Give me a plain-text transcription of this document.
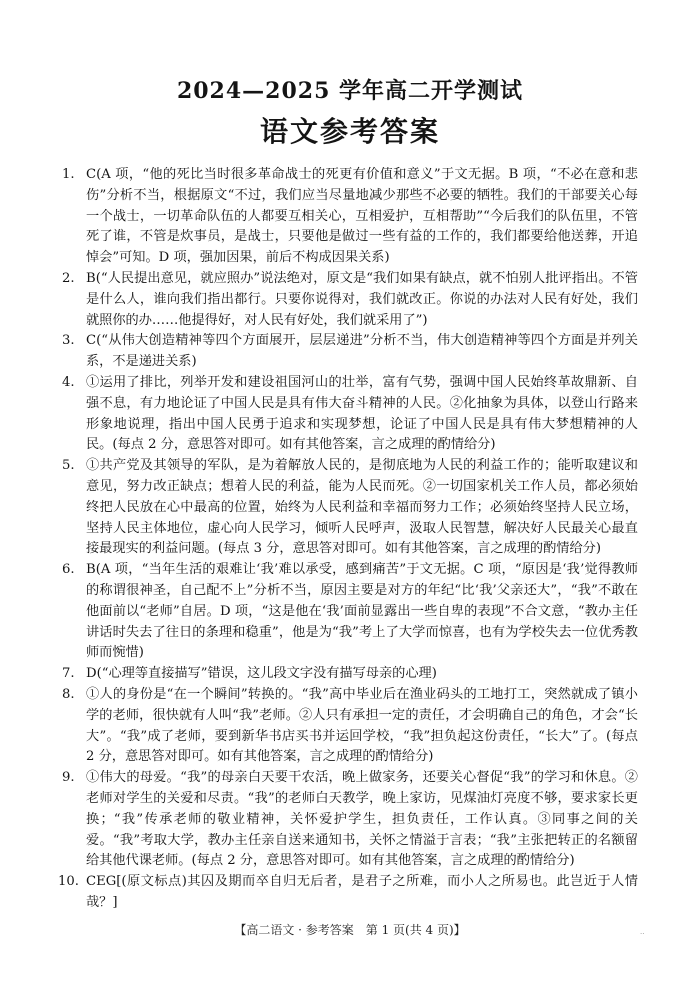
2024—2025 学年高二开学测试
语文参考答案

1. C(A 项，“他的死比当时很多革命战士的死更有价值和意义”于文无据。B 项，“不必在意和悲伤”分析不当，根据原文“不过，我们应当尽量地减少那些不必要的牺牲。我们的干部要关心每一个战士，一切革命队伍的人都要互相关心，互相爱护，互相帮助”“今后我们的队伍里，不管死了谁，不管是炊事员，是战士，只要他是做过一些有益的工作的，我们都要给他送葬，开追悼会”可知。D 项，强加因果，前后不构成因果关系)

2. B(“人民提出意见，就应照办”说法绝对，原文是“我们如果有缺点，就不怕别人批评指出。不管是什么人，谁向我们指出都行。只要你说得对，我们就改正。你说的办法对人民有好处，我们就照你的办……他提得好，对人民有好处，我们就采用了”)

3. C(“从伟大创造精神等四个方面展开，层层递进”分析不当，伟大创造精神等四个方面是并列关系，不是递进关系)

4. ①运用了排比，列举开发和建设祖国河山的壮举，富有气势，强调中国人民始终革故鼎新、自强不息，有力地论证了中国人民是具有伟大奋斗精神的人民。②化抽象为具体，以登山行路来形象地说理，指出中国人民勇于追求和实现梦想，论证了中国人民是具有伟大梦想精神的人民。(每点 2 分，意思答对即可。如有其他答案，言之成理的酌情给分)

5. ①共产党及其领导的军队，是为着解放人民的，是彻底地为人民的利益工作的；能听取建议和意见，努力改正缺点；想着人民的利益，能为人民而死。②一切国家机关工作人员，都必须始终把人民放在心中最高的位置，始终为人民利益和幸福而努力工作；必须始终坚持人民立场，坚持人民主体地位，虚心向人民学习，倾听人民呼声，汲取人民智慧，解决好人民最关心最直接最现实的利益问题。(每点 3 分，意思答对即可。如有其他答案，言之成理的酌情给分)

6. B(A 项，“当年生活的艰难让‘我’难以承受，感到痛苦”于文无据。C 项，“原因是‘我’觉得教师的称谓很神圣，自己配不上”分析不当，原因主要是对方的年纪“比‘我’父亲还大”，“我”不敢在他面前以“老师”自居。D 项，“这是他在‘我’面前显露出一些自卑的表现”不合文意，“教办主任讲话时失去了往日的条理和稳重”，他是为“我”考上了大学而惊喜，也有为学校失去一位优秀教师而惋惜)

7. D(“心理等直接描写”错误，这儿段文字没有描写母亲的心理)

8. ①人的身份是“在一个瞬间”转换的。“我”高中毕业后在渔业码头的工地打工，突然就成了镇小学的老师，很快就有人叫“我”老师。②人只有承担一定的责任，才会明确自己的角色，才会“长大”。“我”成了老师，要到新华书店买书并运回学校，“我”担负起这份责任，“长大”了。(每点 2 分，意思答对即可。如有其他答案，言之成理的酌情给分)

9. ①伟大的母爱。“我”的母亲白天要干农活，晚上做家务，还要关心督促“我”的学习和休息。②老师对学生的关爱和尽责。“我”的老师白天教学，晚上家访，见煤油灯亮度不够，要求家长更换；“我”传承老师的敬业精神，关怀爱护学生，担负责任，工作认真。③同事之间的关爱。“我”考取大学，教办主任亲自送来通知书，关怀之情溢于言表；“我”主张把转正的名额留给其他代课老师。(每点 2 分，意思答对即可。如有其他答案，言之成理的酌情给分)

10. CEG[(原文标点)其囚及期而卒自归无后者，是君子之所难，而小人之所易也。此岂近于人情哉？]

【高二语文 · 参考答案　第 1 页(共 4 页)】	..
